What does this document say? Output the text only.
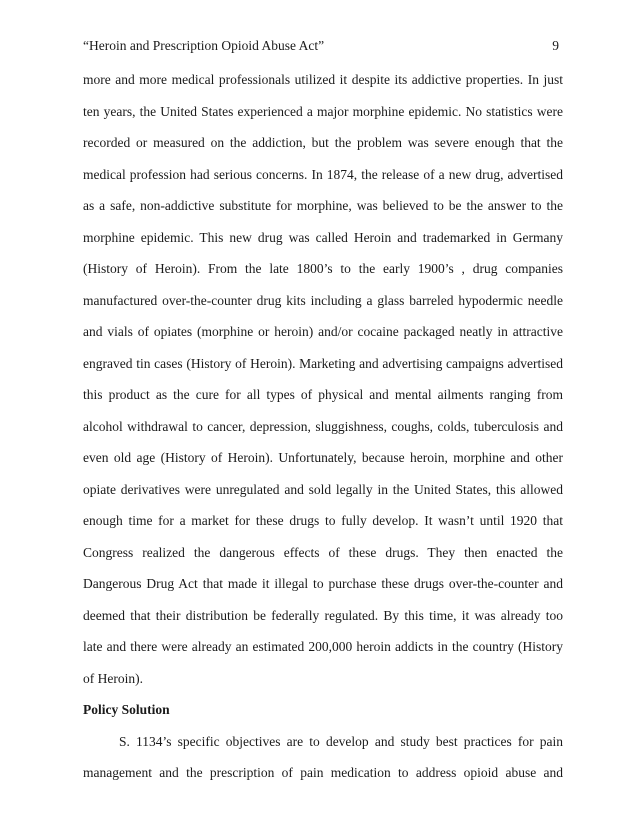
“Heroin and Prescription Opioid Abuse Act”	9
more and more medical professionals utilized it despite its addictive properties. In just
ten years, the United States experienced a major morphine epidemic. No statistics were
recorded or measured on the addiction, but the problem was severe enough that the
medical profession had serious concerns. In 1874, the release of a new drug, advertised
as a safe, non-addictive substitute for morphine, was believed to be the answer to the
morphine epidemic. This new drug was called Heroin and trademarked in Germany
(History of Heroin). From the late 1800’s to the early 1900’s , drug companies
manufactured over-the-counter drug kits including a glass barreled hypodermic needle
and vials of opiates (morphine or heroin) and/or cocaine packaged neatly in attractive
engraved tin cases (History of Heroin). Marketing and advertising campaigns advertised
this product as the cure for all types of physical and mental ailments ranging from
alcohol withdrawal to cancer, depression, sluggishness, coughs, colds, tuberculosis and
even old age (History of Heroin). Unfortunately, because heroin, morphine and other
opiate derivatives were unregulated and sold legally in the United States, this allowed
enough time for a market for these drugs to fully develop. It wasn’t until 1920 that
Congress realized the dangerous effects of these drugs. They then enacted the
Dangerous Drug Act that made it illegal to purchase these drugs over-the-counter and
deemed that their distribution be federally regulated. By this time, it was already too
late and there were already an estimated 200,000 heroin addicts in the country (History
of Heroin).
Policy Solution
S. 1134’s specific objectives are to develop and study best practices for pain
management and the prescription of pain medication to address opioid abuse and
